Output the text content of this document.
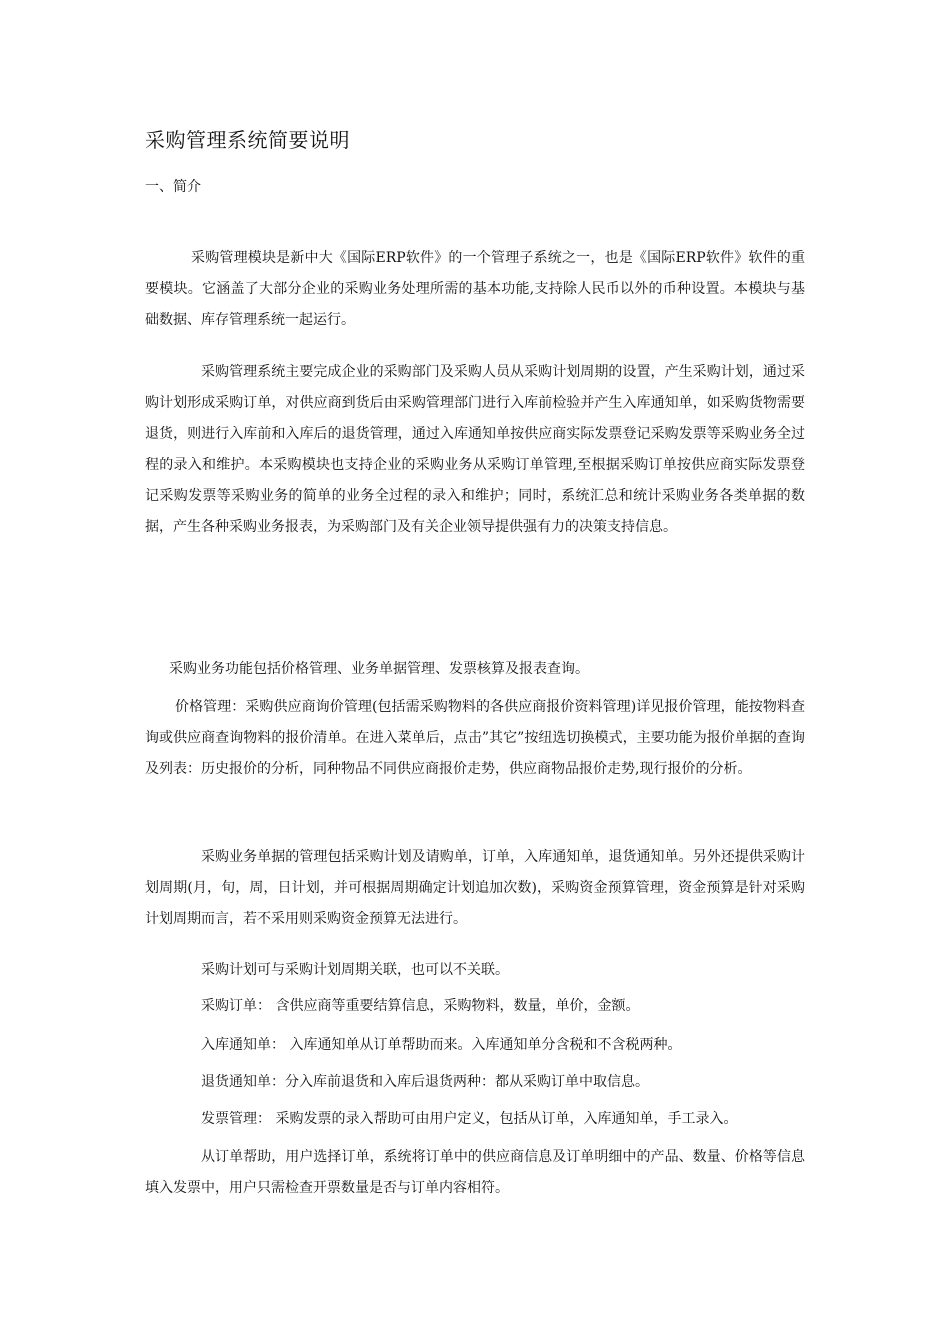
采购管理系统简要说明
一、简介

采购管理模块是新中大《国际ERP软件》的一个管理子系统之一，也是《国际ERP软件》软件的重要模块。它涵盖了大部分企业的采购业务处理所需的基本功能,支持除人民币以外的币种设置。本模块与基础数据、库存管理系统一起运行。

采购管理系统主要完成企业的采购部门及采购人员从采购计划周期的设置，产生采购计划，通过采购计划形成采购订单，对供应商到货后由采购管理部门进行入库前检验并产生入库通知单，如采购货物需要退货，则进行入库前和入库后的退货管理，通过入库通知单按供应商实际发票登记采购发票等采购业务全过程的录入和维护。本采购模块也支持企业的采购业务从采购订单管理,至根据采购订单按供应商实际发票登记采购发票等采购业务的简单的业务全过程的录入和维护；同时，系统汇总和统计采购业务各类单据的数据，产生各种采购业务报表，为采购部门及有关企业领导提供强有力的决策支持信息。

采购业务功能包括价格管理、业务单据管理、发票核算及报表查询。

价格管理：采购供应商询价管理(包括需采购物料的各供应商报价资料管理)详见报价管理，能按物料查询或供应商查询物料的报价清单。在进入菜单后，点击”其它”按纽选切换模式，主要功能为报价单据的查询及列表：历史报价的分析，同种物品不同供应商报价走势，供应商物品报价走势,现行报价的分析。

采购业务单据的管理包括采购计划及请购单，订单，入库通知单，退货通知单。另外还提供采购计划周期(月，旬，周，日计划，并可根据周期确定计划追加次数)，采购资金预算管理，资金预算是针对采购计划周期而言，若不采用则采购资金预算无法进行。

采购计划可与采购计划周期关联，也可以不关联。

采购订单： 含供应商等重要结算信息，采购物料，数量，单价，金额。

入库通知单： 入库通知单从订单帮助而来。入库通知单分含税和不含税两种。

退货通知单：分入库前退货和入库后退货两种：都从采购订单中取信息。

发票管理： 采购发票的录入帮助可由用户定义，包括从订单，入库通知单，手工录入。

从订单帮助，用户选择订单，系统将订单中的供应商信息及订单明细中的产品、数量、价格等信息填入发票中，用户只需检查开票数量是否与订单内容相符。
